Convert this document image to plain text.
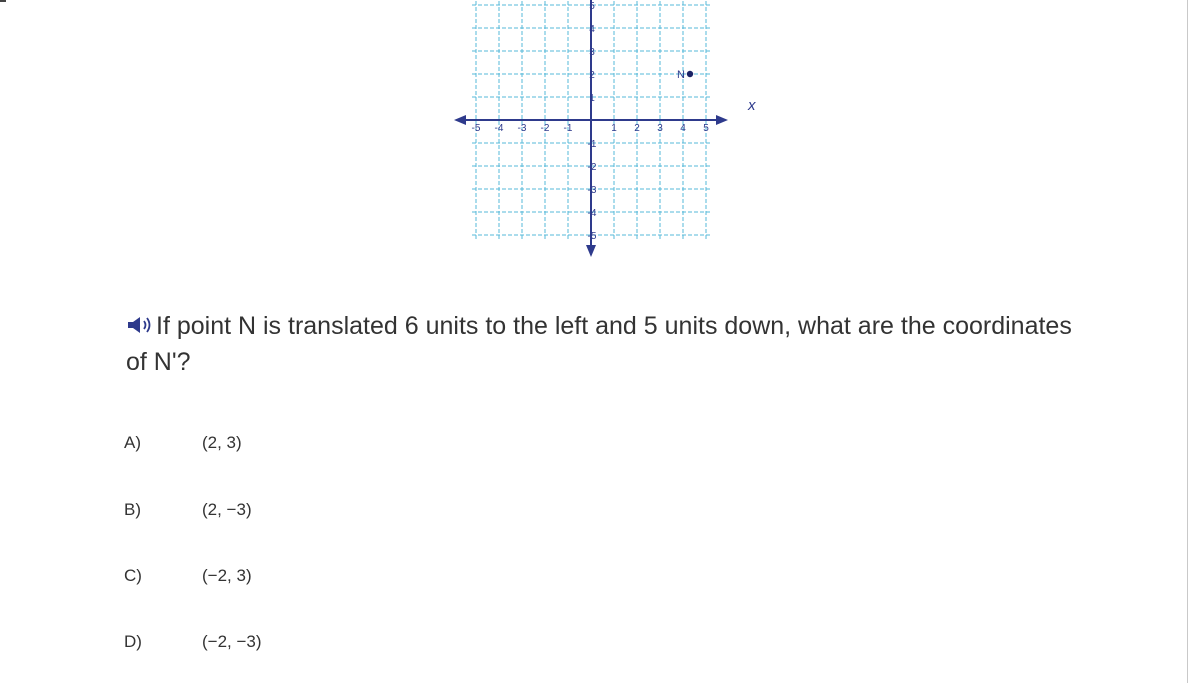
-5 -4 -3 -2 -1	1 2 3 4 5
5
4
3
2
1
-1
-2
-3
-4
-5
x
N
If point N is translated 6 units to the left and 5 units down, what are the coordinates of N'?
A)	(2, 3)
B)	(2, −3)
C)	(−2, 3)
D)	(−2, −3)
